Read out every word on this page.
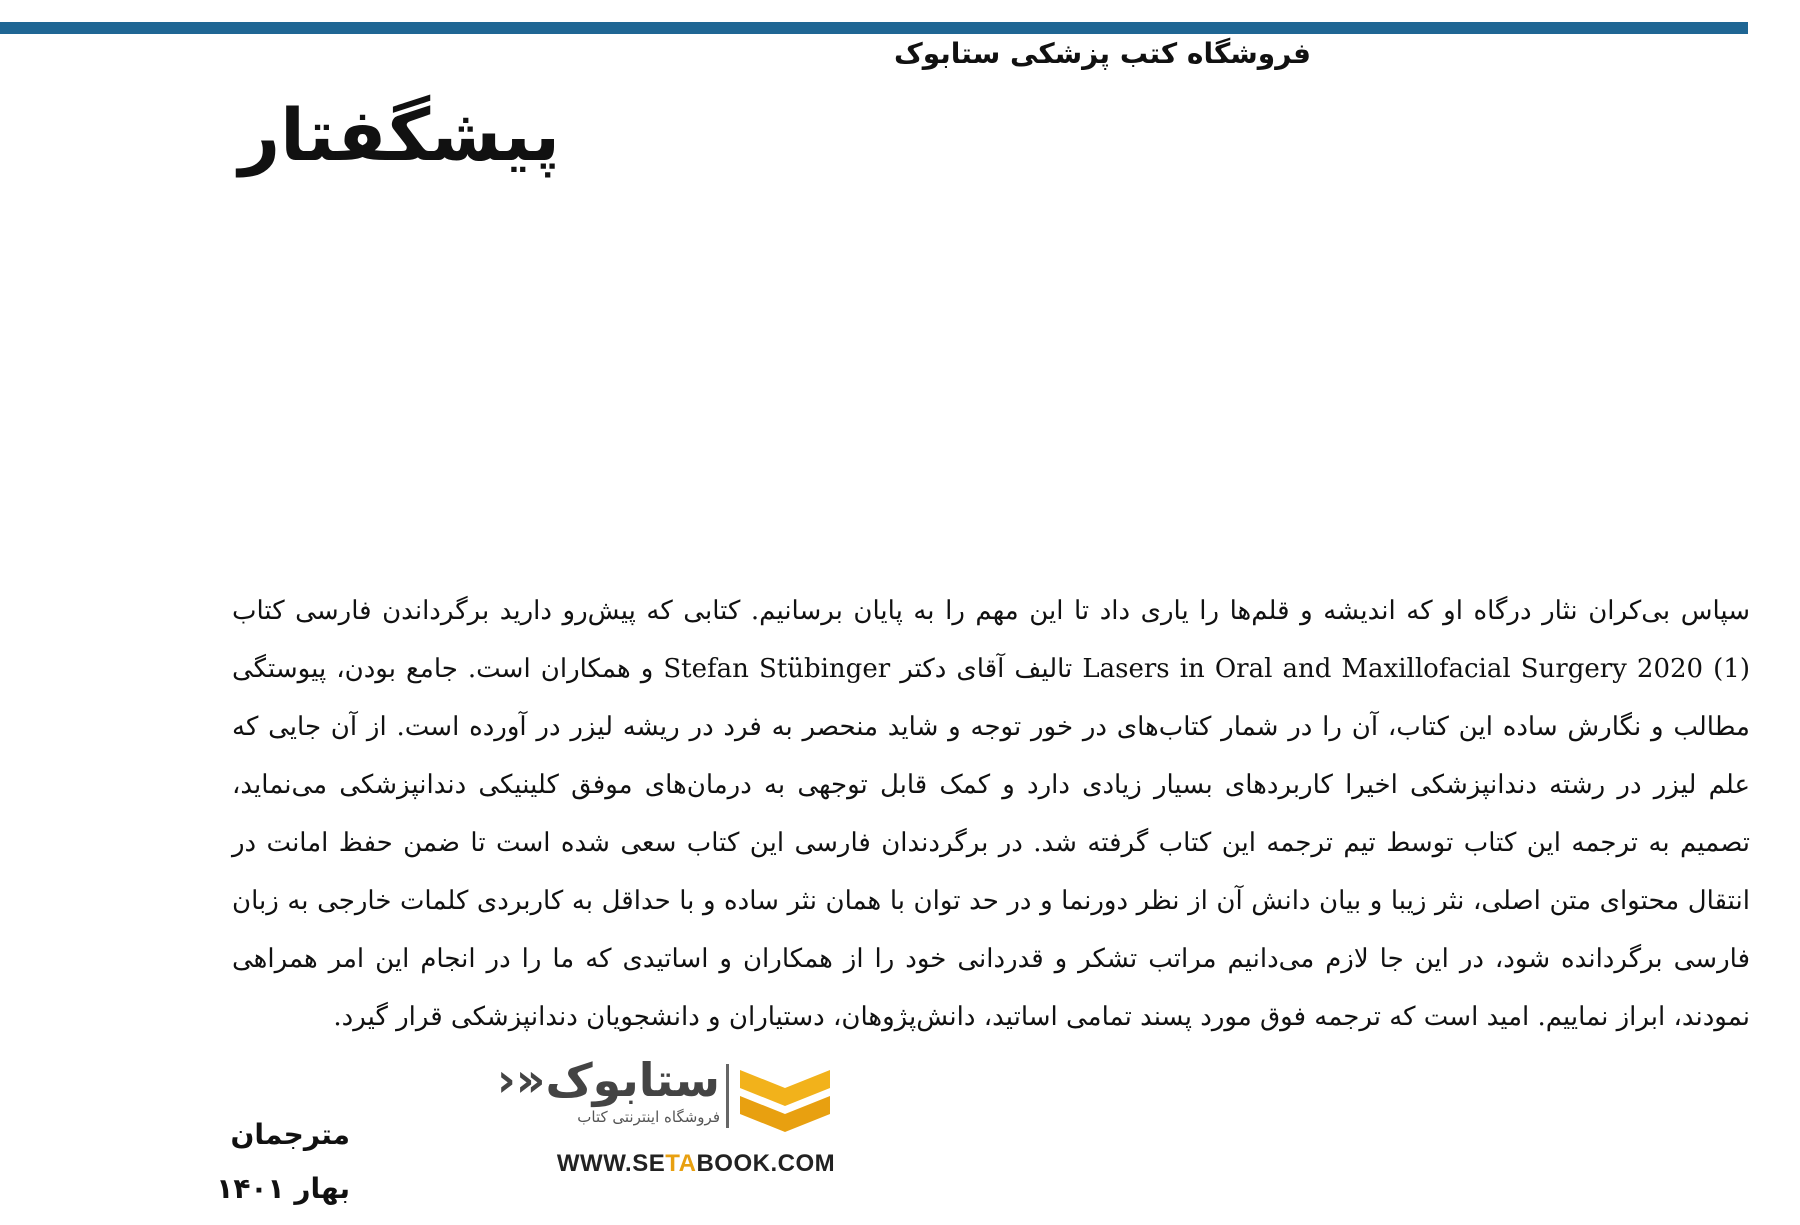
فروشگاه کتب پزشکی ستابوک
پیشگفتار

سپاس بی‌کران نثار درگاه او که اندیشه و قلم‌ها را یاری داد تا این مهم را به پایان برسانیم. کتابی که پیش‌رو دارید برگرداندن فارسی کتاب Lasers in Oral and Maxillofacial Surgery 2020 (1) تالیف آقای دکتر Stefan Stübinger و همکاران است. جامع بودن، پیوستگی مطالب و نگارش ساده این کتاب، آن را در شمار کتاب‌های در خور توجه و شاید منحصر به فرد در ریشه لیزر در آورده است. از آن جایی که علم لیزر در رشته دندانپزشکی اخیرا کاربردهای بسیار زیادی دارد و کمک قابل توجهی به درمان‌های موفق کلینیکی دندانپزشکی می‌نماید، تصمیم به ترجمه این کتاب توسط تیم ترجمه این کتاب گرفته شد. در برگردندان فارسی این کتاب سعی شده است تا ضمن حفظ امانت در انتقال محتوای متن اصلی، نثر زیبا و بیان دانش آن از نظر دورنما و در حد توان با همان نثر ساده و با حداقل به کاربردی کلمات خارجی به زبان فارسی برگردانده شود، در این جا لازم می‌دانیم مراتب تشکر و قدردانی خود را از همکاران و اساتیدی که ما را در انجام این امر همراهی نمودند، ابراز نماییم. امید است که ترجمه فوق مورد پسند تمامی اساتید، دانش‌پژوهان، دستیاران و دانشجویان دندانپزشکی قرار گیرد.

ستابوک«‹
فروشگاه اینترنتی کتاب
WWW.SETABOOK.COM
مترجمان
بهار ۱۴۰۱
